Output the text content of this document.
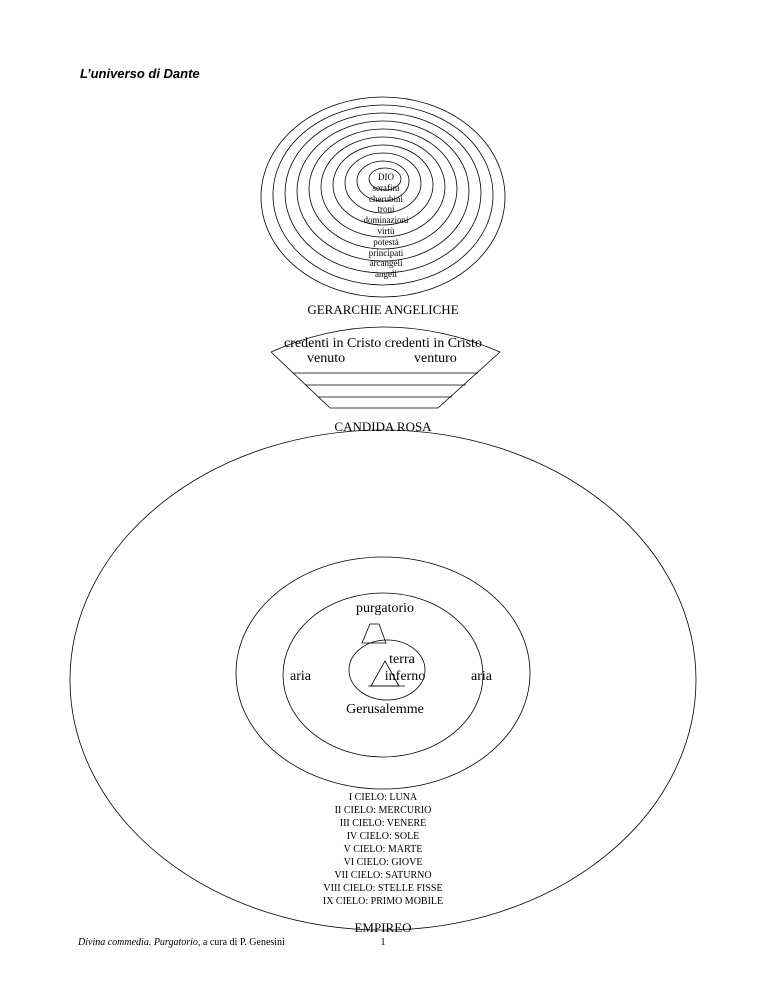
L’universo di Dante
DIO
serafini
cherubini
troni
dominazioni
virtù
potestà
principati
arcangeli
angeli
GERARCHIE ANGELICHE
credenti in Cristo credenti in Cristo
venuto	venturo
CANDIDA ROSA
purgatorio
terra
inferno
aria	aria
Gerusalemme
I CIELO: LUNA
II CIELO: MERCURIO
III CIELO: VENERE
IV CIELO: SOLE
V CIELO: MARTE
VI CIELO: GIOVE
VII CIELO: SATURNO
VIII CIELO: STELLE FISSE
IX CIELO: PRIMO MOBILE
EMPIREO
Divina commedia. Purgatorio, a cura di P. Genesini	1
